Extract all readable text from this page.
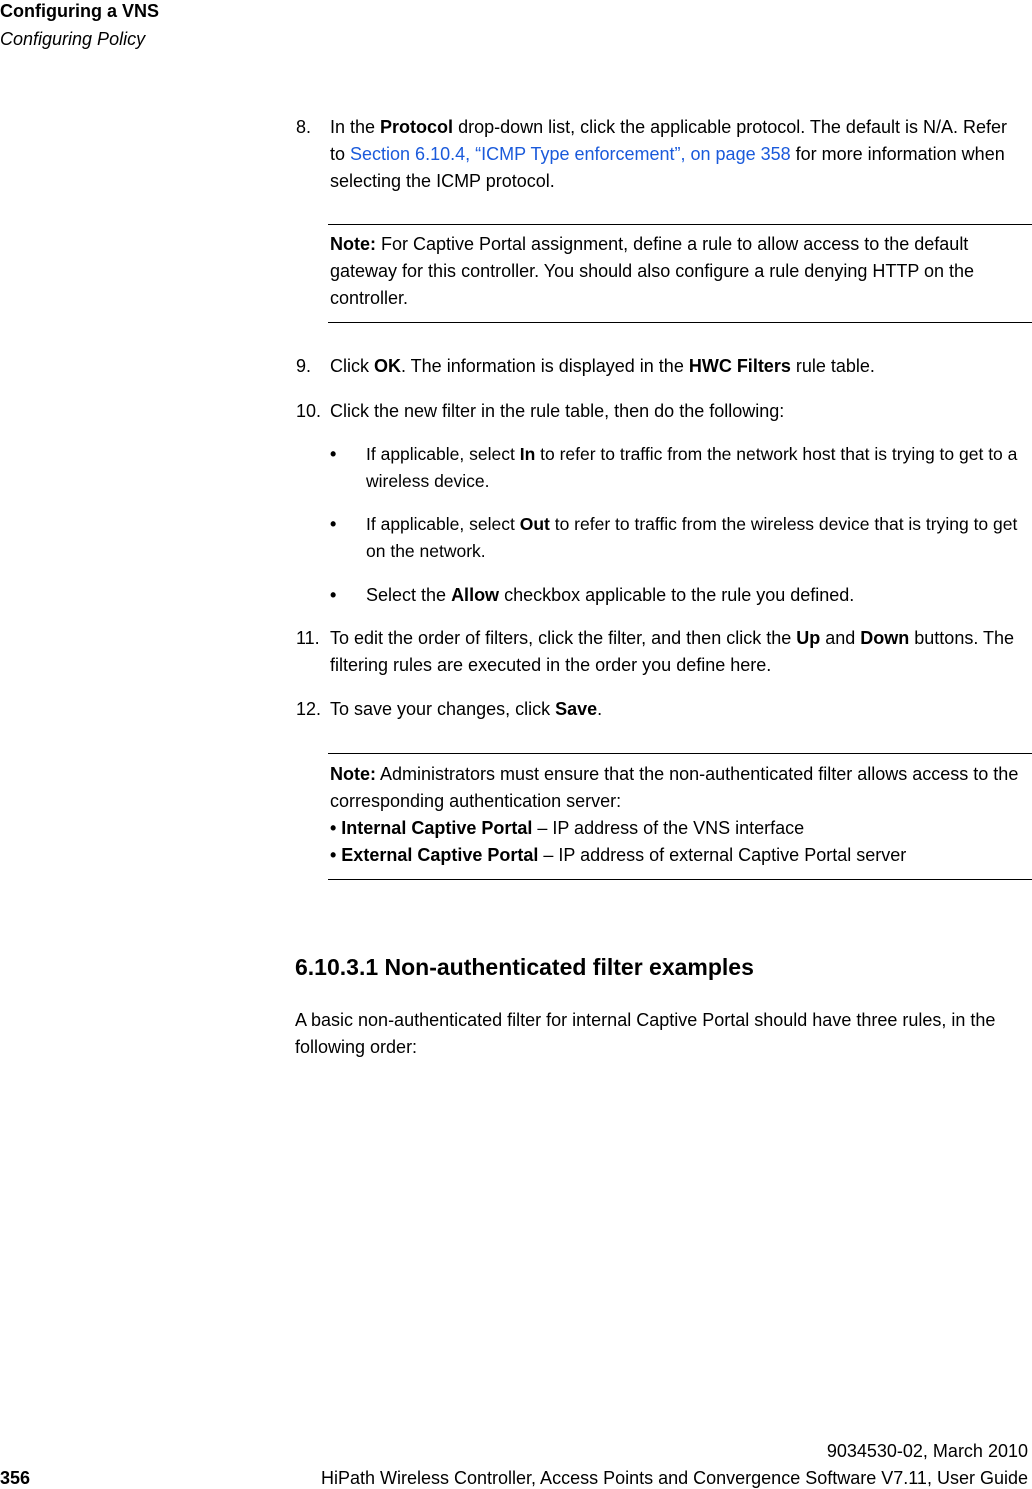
Configuring a VNS
Configuring Policy
8. In the Protocol drop-down list, click the applicable protocol. The default is N/A. Refer to Section 6.10.4, “ICMP Type enforcement”, on page 358 for more information when selecting the ICMP protocol.
Note: For Captive Portal assignment, define a rule to allow access to the default gateway for this controller. You should also configure a rule denying HTTP on the controller.
9. Click OK. The information is displayed in the HWC Filters rule table.
10. Click the new filter in the rule table, then do the following:
• If applicable, select In to refer to traffic from the network host that is trying to get to a wireless device.
• If applicable, select Out to refer to traffic from the wireless device that is trying to get on the network.
• Select the Allow checkbox applicable to the rule you defined.
11. To edit the order of filters, click the filter, and then click the Up and Down buttons. The filtering rules are executed in the order you define here.
12. To save your changes, click Save.
Note: Administrators must ensure that the non-authenticated filter allows access to the corresponding authentication server:
• Internal Captive Portal – IP address of the VNS interface
• External Captive Portal – IP address of external Captive Portal server
6.10.3.1 Non-authenticated filter examples
A basic non-authenticated filter for internal Captive Portal should have three rules, in the following order:
9034530-02, March 2010
356	HiPath Wireless Controller, Access Points and Convergence Software V7.11, User Guide
